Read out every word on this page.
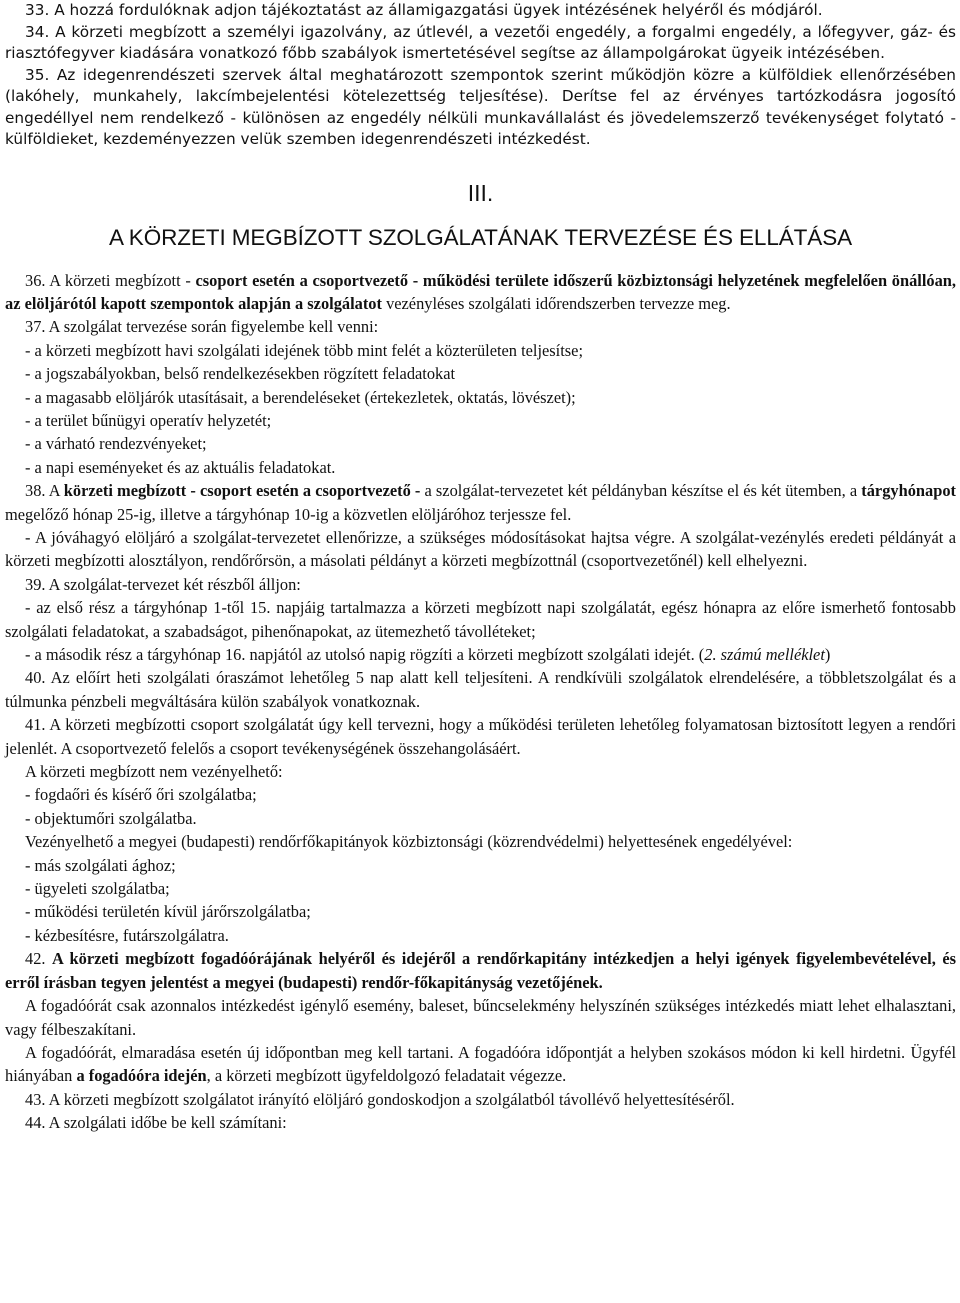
33. A hozzá fordulóknak adjon tájékoztatást az államigazgatási ügyek intézésének helyéről és módjáról.

34. A körzeti megbízott a személyi igazolvány, az útlevél, a vezetői engedély, a forgalmi engedély, a lőfegyver, gáz- és riasztófegyver kiadására vonatkozó főbb szabályok ismertetésével segítse az állampolgárokat ügyeik intézésében.

35. Az idegenrendészeti szervek által meghatározott szempontok szerint működjön közre a külföldiek ellenőrzésében (lakóhely, munkahely, lakcímbejelentési kötelezettség teljesítése). Derítse fel az érvényes tartózkodásra jogosító engedéllyel nem rendelkező - különösen az engedély nélküli munkavállalást és jövedelemszerző tevékenységet folytató - külföldieket, kezdeményezzen velük szemben idegenrendészeti intézkedést.

III.
A KÖRZETI MEGBÍZOTT SZOLGÁLATÁNAK TERVEZÉSE ÉS ELLÁTÁSA

36. A körzeti megbízott - csoport esetén a csoportvezető - működési területe időszerű közbiztonsági helyzetének megfelelően önállóan, az elöljárótól kapott szempontok alapján a szolgálatot vezényléses szolgálati időrendszerben tervezze meg.

37. A szolgálat tervezése során figyelembe kell venni:

- a körzeti megbízott havi szolgálati idejének több mint felét a közterületen teljesítse;

- a jogszabályokban, belső rendelkezésekben rögzített feladatokat

- a magasabb elöljárók utasításait, a berendeléseket (értekezletek, oktatás, lövészet);

- a terület bűnügyi operatív helyzetét;

- a várható rendezvényeket;

- a napi eseményeket és az aktuális feladatokat.

38. A körzeti megbízott - csoport esetén a csoportvezető - a szolgálat-tervezetet két példányban készítse el és két ütemben, a tárgyhónapot megelőző hónap 25-ig, illetve a tárgyhónap 10-ig a közvetlen elöljáróhoz terjessze fel.

- A jóváhagyó elöljáró a szolgálat-tervezetet ellenőrizze, a szükséges módosításokat hajtsa végre. A szolgálat-vezénylés eredeti példányát a körzeti megbízotti alosztályon, rendőrőrsön, a másolati példányt a körzeti megbízottnál (csoportvezetőnél) kell elhelyezni.

39. A szolgálat-tervezet két részből álljon:

- az első rész a tárgyhónap 1-től 15. napjáig tartalmazza a körzeti megbízott napi szolgálatát, egész hónapra az előre ismerhető fontosabb szolgálati feladatokat, a szabadságot, pihenőnapokat, az ütemezhető távolléteket;

- a második rész a tárgyhónap 16. napjától az utolsó napig rögzíti a körzeti megbízott szolgálati idejét. (2. számú melléklet)

40. Az előírt heti szolgálati óraszámot lehetőleg 5 nap alatt kell teljesíteni. A rendkívüli szolgálatok elrendelésére, a többletszolgálat és a túlmunka pénzbeli megváltására külön szabályok vonatkoznak.

41. A körzeti megbízotti csoport szolgálatát úgy kell tervezni, hogy a működési területen lehetőleg folyamatosan biztosított legyen a rendőri jelenlét. A csoportvezető felelős a csoport tevékenységének összehangolásáért.

A körzeti megbízott nem vezényelhető:

- fogdaőri és kísérő őri szolgálatba;

- objektumőri szolgálatba.

Vezényelhető a megyei (budapesti) rendőrfőkapitányok közbiztonsági (közrendvédelmi) helyettesének engedélyével:

- más szolgálati ághoz;

- ügyeleti szolgálatba;

- működési területén kívül járőrszolgálatba;

- kézbesítésre, futárszolgálatra.

42. A körzeti megbízott fogadóórájának helyéről és idejéről a rendőrkapitány intézkedjen a helyi igények figyelembevételével, és erről írásban tegyen jelentést a megyei (budapesti) rendőr-főkapitányság vezetőjének.

A fogadóórát csak azonnalos intézkedést igénylő esemény, baleset, bűncselekmény helyszínén szükséges intézkedés miatt lehet elhalasztani, vagy félbeszakítani.

A fogadóórát, elmaradása esetén új időpontban meg kell tartani. A fogadóóra időpontját a helyben szokásos módon ki kell hirdetni. Ügyfél hiányában a fogadóóra idején, a körzeti megbízott ügyfeldolgozó feladatait végezze.

43. A körzeti megbízott szolgálatot irányító elöljáró gondoskodjon a szolgálatból távollévő helyettesítéséről.

44. A szolgálati időbe be kell számítani:
